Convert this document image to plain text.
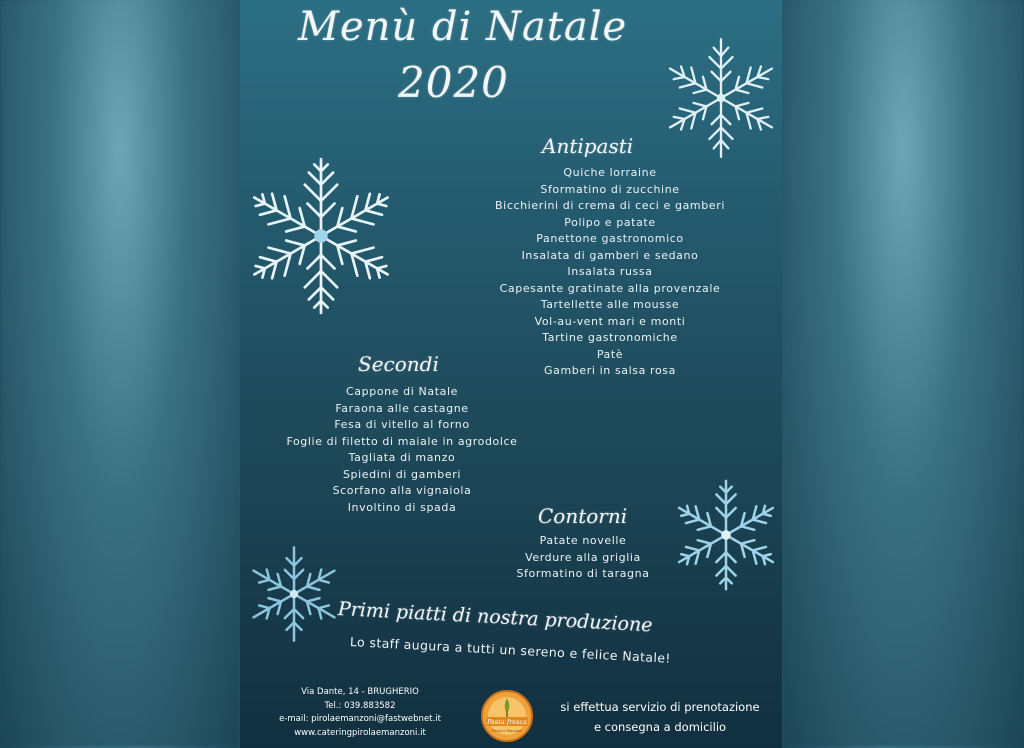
Menù di Natale
2020
Antipasti
Quiche lorraine
Sformatino di zucchine
Bicchierini di crema di ceci e gamberi
Polipo e patate
Panettone gastronomico
Insalata di gamberi e sedano
Insalata russa
Capesante gratinate alla provenzale
Tartellette alle mousse
Vol-au-vent mari e monti
Tartine gastronomiche
Patè
Gamberi in salsa rosa
Secondi
Cappone di Natale
Faraona alle castagne
Fesa di vitello al forno
Foglie di filetto di maiale in agrodolce
Tagliata di manzo
Spiedini di gamberi
Scorfano alla vignaiola
Involtino di spada	Contorni
Patate novelle
Verdure alla griglia
Sformatino di taragna
Primi piatti di nostra produzione
Lo staff augura a tutti un sereno e felice Natale!
Via Dante, 14 - BRUGHERIO
Tel.: 039.883582
e-mail: pirolaemanzoni@fastwebnet.it
www.cateringpirolaemanzoni.it
Pasta fresca
Pirola e Manzoni
si effettua servizio di prenotazione
e consegna a domicilio
